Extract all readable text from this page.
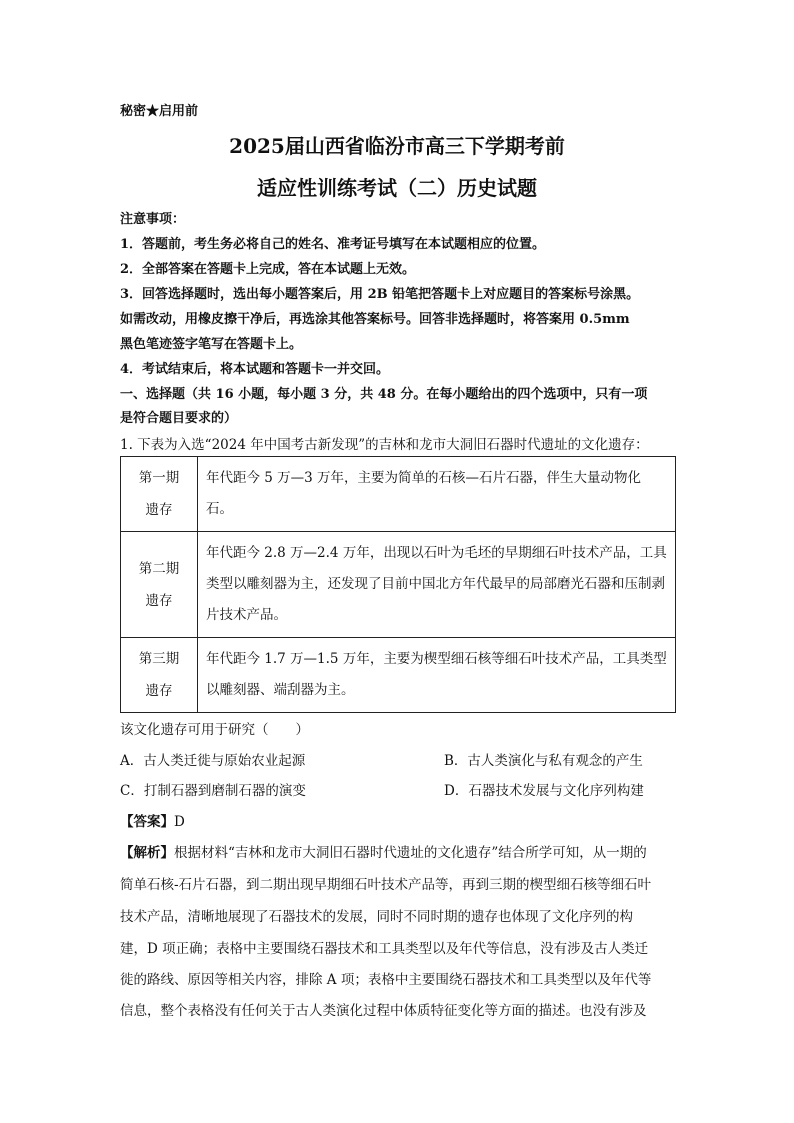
秘密★启用前
2025届山西省临汾市高三下学期考前
适应性训练考试（二）历史试题
注意事项：
1．答题前，考生务必将自己的姓名、准考证号填写在本试题相应的位置。
2．全部答案在答题卡上完成，答在本试题上无效。
3．回答选择题时，选出每小题答案后，用 2B 铅笔把答题卡上对应题目的答案标号涂黑。
如需改动，用橡皮擦干净后，再选涂其他答案标号。回答非选择题时，将答案用 0.5mm
黑色笔迹签字笔写在答题卡上。
4．考试结束后，将本试题和答题卡一并交回。
一、选择题（共 16 小题，每小题 3 分，共 48 分。在每小题给出的四个选项中，只有一项
是符合题目要求的）
1. 下表为入选“2024 年中国考古新发现”的吉林和龙市大洞旧石器时代遗址的文化遗存：
第一期
遗存	年代距今 5 万—3 万年，主要为简单的石核—石片石器，伴生大量动物化石。

第二期
遗存	年代距今 2.8 万—2.4 万年，出现以石叶为毛坯的早期细石叶技术产品，工具类型以雕刻器为主，还发现了目前中国北方年代最早的局部磨光石器和压制剥片技术产品。

第三期
遗存	年代距今 1.7 万—1.5 万年，主要为楔型细石核等细石叶技术产品，工具类型以雕刻器、端刮器为主。
该文化遗存可用于研究（　　）
A．古人类迁徙与原始农业起源	B．古人类演化与私有观念的产生
C．打制石器到磨制石器的演变	D．石器技术发展与文化序列构建
【答案】D
【解析】根据材料“吉林和龙市大洞旧石器时代遗址的文化遗存”结合所学可知，从一期的
简单石核-石片石器，到二期出现早期细石叶技术产品等，再到三期的楔型细石核等细石叶
技术产品，清晰地展现了石器技术的发展，同时不同时期的遗存也体现了文化序列的构
建，D 项正确；表格中主要围绕石器技术和工具类型以及年代等信息，没有涉及古人类迁
徙的路线、原因等相关内容，排除 A 项；表格中主要围绕石器技术和工具类型以及年代等
信息，整个表格没有任何关于古人类演化过程中体质特征变化等方面的描述。也没有涉及
